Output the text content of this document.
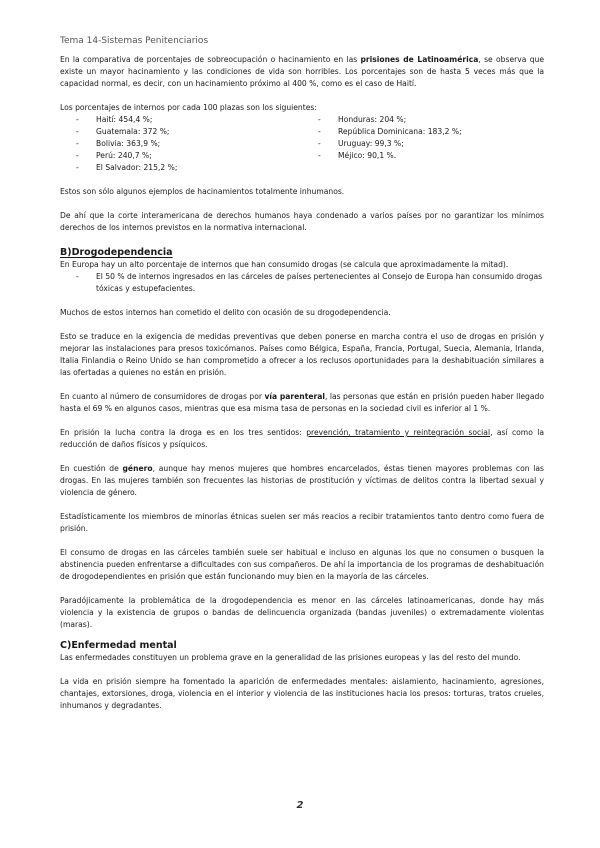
Tema 14-Sistemas Penitenciarios

En la comparativa de porcentajes de sobreocupación o hacinamiento en las prisiones de Latinoamérica, se observa que existe un mayor hacinamiento y las condiciones de vida son horribles. Los porcentajes son de hasta 5 veces más que la capacidad normal, es decir, con un hacinamiento próximo al 400 %, como es el caso de Haití.

Los porcentajes de internos por cada 100 plazas son los siguientes:

-	Haití: 454,4 %;
-	Guatemala: 372 %;
-	Bolivia: 363,9 %;
-	Perú: 240,7 %;
-	El Salvador: 215,2 %;
-	Honduras: 204 %;
-	República Dominicana: 183,2 %;
-	Uruguay: 99,3 %;
-	Méjico: 90,1 %.

Estos son sólo algunos ejemplos de hacinamientos totalmente inhumanos.

De ahí que la corte interamericana de derechos humanos haya condenado a varios países por no garantizar los mínimos derechos de los internos previstos en la normativa internacional.

B)Drogodependencia

En Europa hay un alto porcentaje de internos que han consumido drogas (se calcula que aproximadamente la mitad).

-	El 50 % de internos ingresados en las cárceles de países pertenecientes al Consejo de Europa han consumido drogas tóxicas y estupefacientes.

Muchos de estos internos han cometido el delito con ocasión de su drogodependencia.

Esto se traduce en la exigencia de medidas preventivas que deben ponerse en marcha contra el uso de drogas en prisión y mejorar las instalaciones para presos toxicómanos. Países como Bélgica, España, Francia, Portugal, Suecia, Alemania, Irlanda, Italia Finlandia o Reino Unido se han comprometido a ofrecer a los reclusos oportunidades para la deshabituación similares a las ofertadas a quienes no están en prisión.

En cuanto al número de consumidores de drogas por vía parenteral, las personas que están en prisión pueden haber llegado hasta el 69 % en algunos casos, mientras que esa misma tasa de personas en la sociedad civil es inferior al 1 %.

En prisión la lucha contra la droga es en los tres sentidos: prevención, tratamiento y reintegración social, así como la reducción de daños físicos y psíquicos.

En cuestión de género, aunque hay menos mujeres que hombres encarcelados, éstas tienen mayores problemas con las drogas. En las mujeres también son frecuentes las historias de prostitución y víctimas de delitos contra la libertad sexual y violencia de género.

Estadísticamente los miembros de minorías étnicas suelen ser más reacios a recibir tratamientos tanto dentro como fuera de prisión.

El consumo de drogas en las cárceles también suele ser habitual e incluso en algunas los que no consumen o busquen la abstinencia pueden enfrentarse a dificultades con sus compañeros. De ahí la importancia de los programas de deshabituación de drogodependientes en prisión que están funcionando muy bien en la mayoría de las cárceles.

Paradójicamente la problemática de la drogodependencia es menor en las cárceles latinoamericanas, donde hay más violencia y la existencia de grupos o bandas de delincuencia organizada (bandas juveniles) o extremadamente violentas (maras).

C)Enfermedad mental

Las enfermedades constituyen un problema grave en la generalidad de las prisiones europeas y las del resto del mundo.

La vida en prisión siempre ha fomentado la aparición de enfermedades mentales: aislamiento, hacinamiento, agresiones, chantajes, extorsiones, droga, violencia en el interior y violencia de las instituciones hacia los presos: torturas, tratos crueles, inhumanos y degradantes.

2
